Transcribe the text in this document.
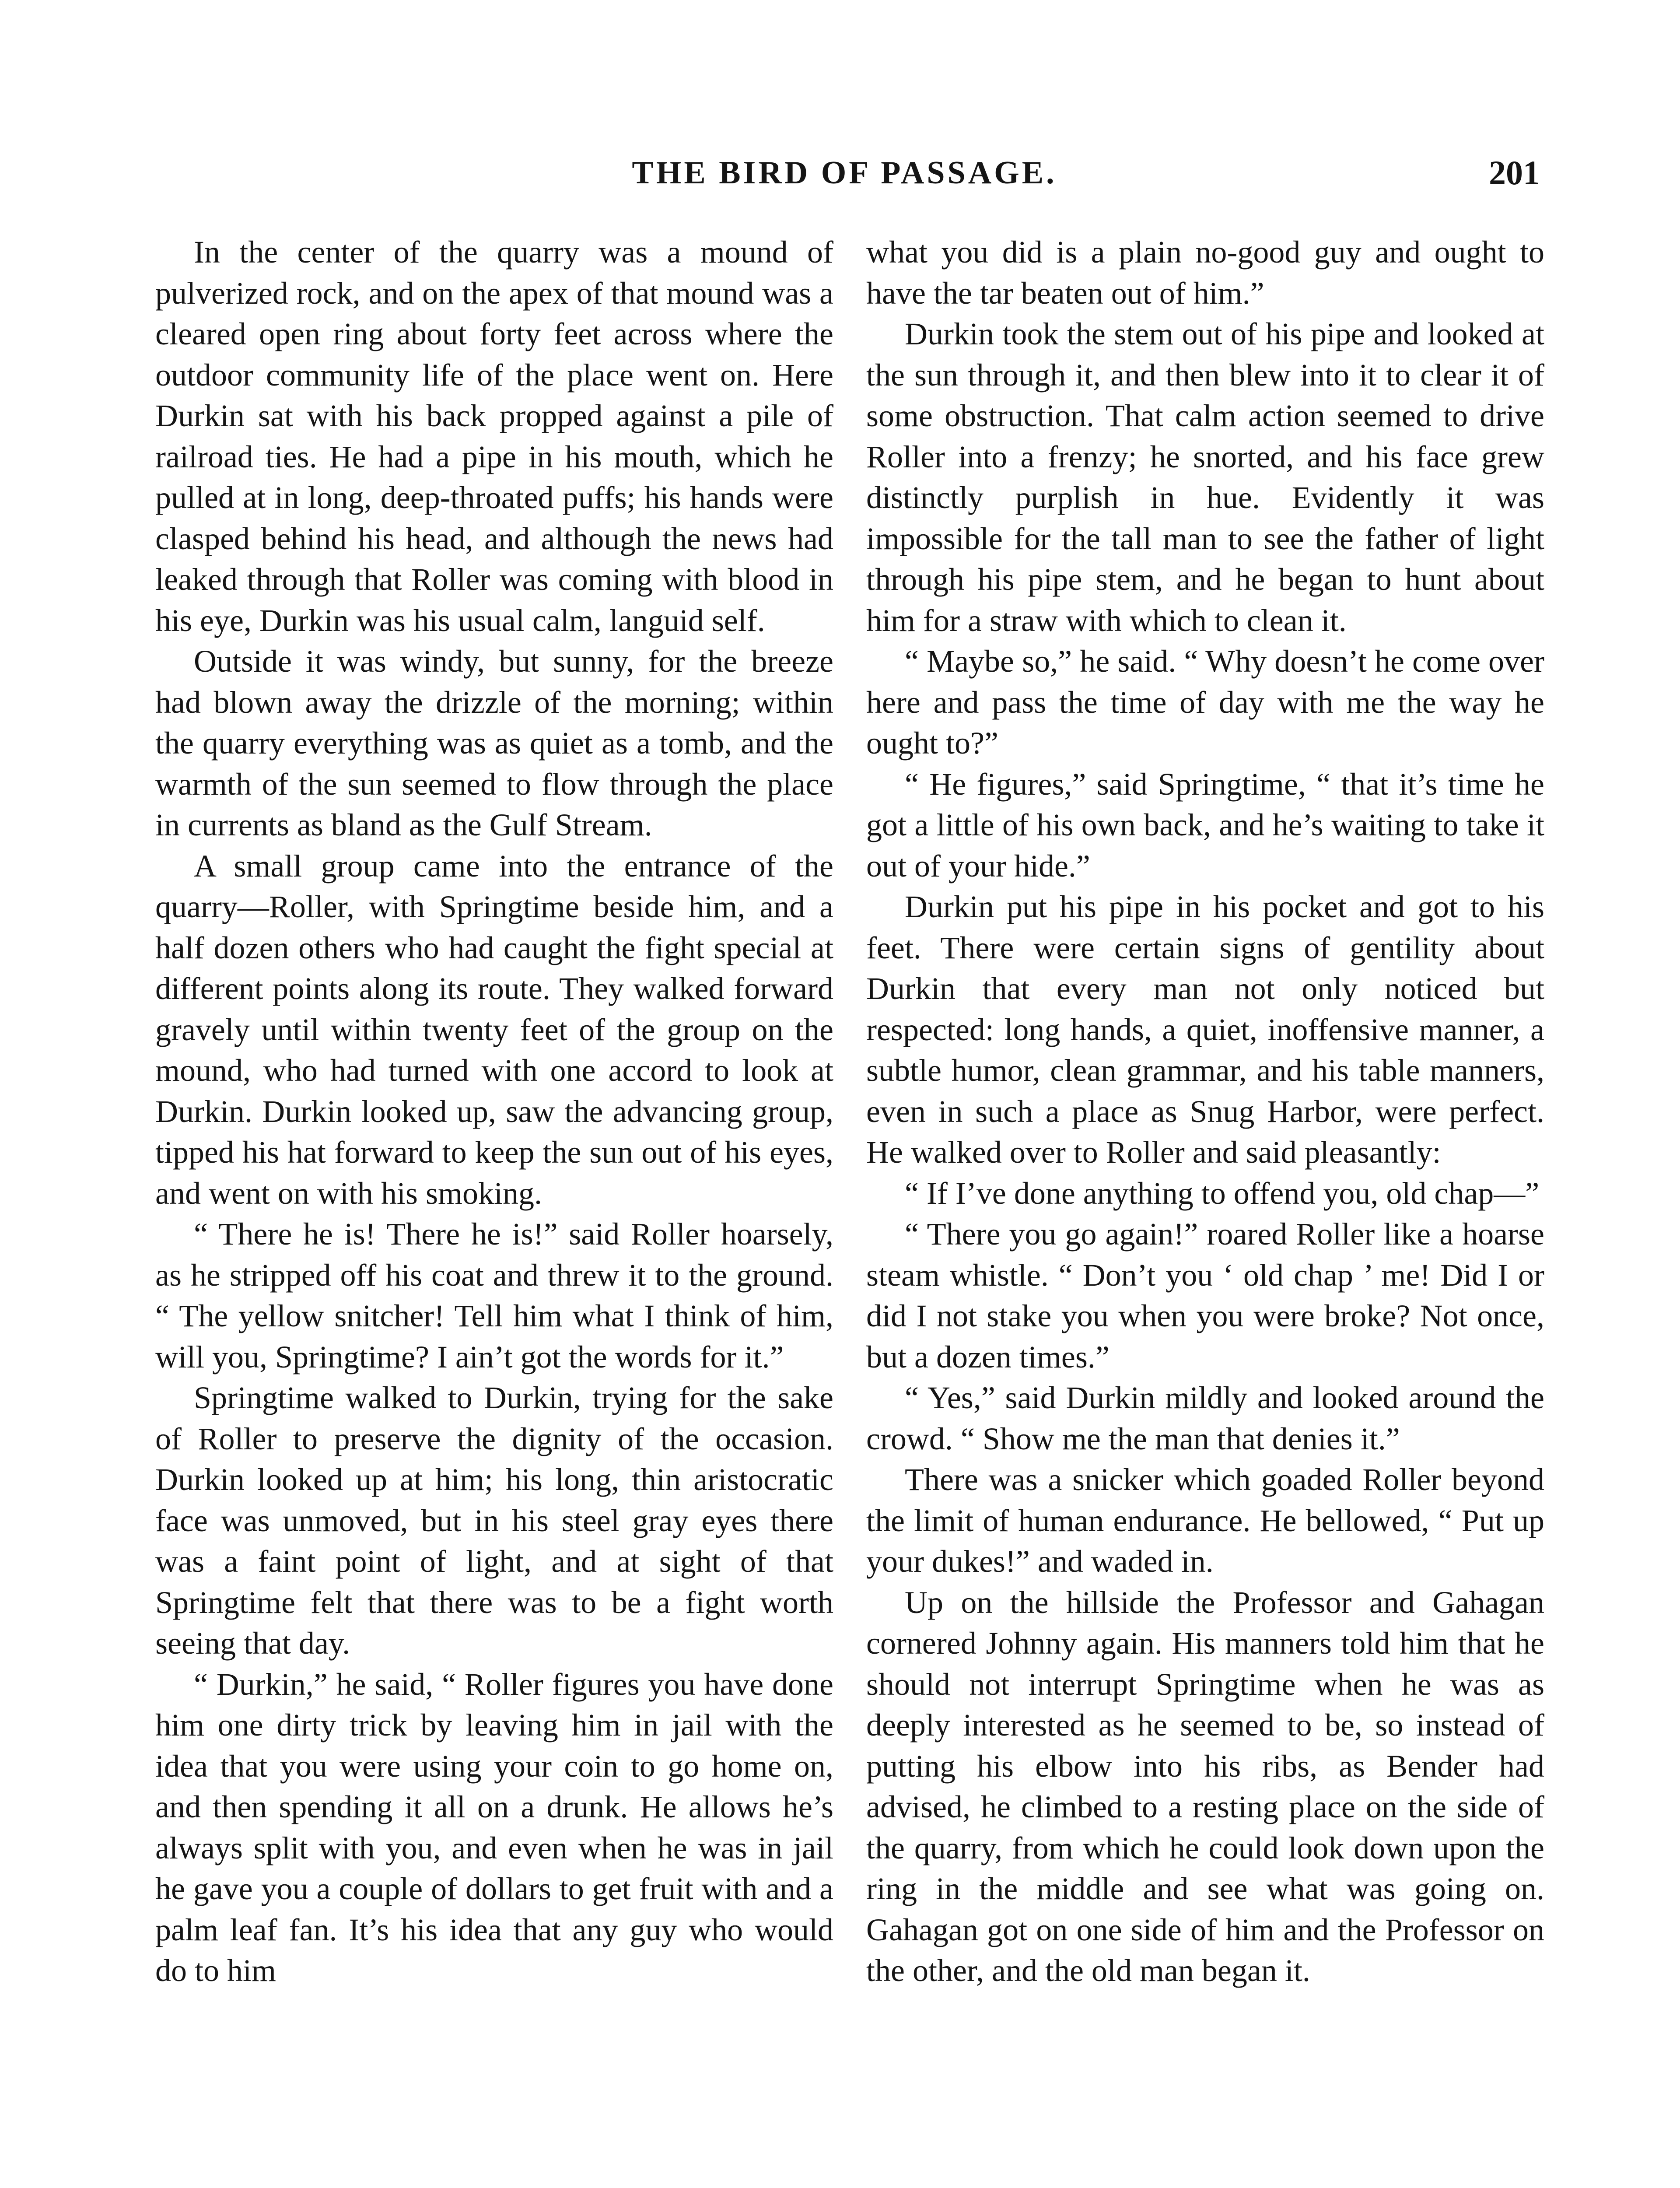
THE BIRD OF PASSAGE.	201

In the center of the quarry was a mound of pulverized rock, and on the apex of that mound was a cleared open ring about forty feet across where the outdoor community life of the place went on. Here Durkin sat with his back propped against a pile of railroad ties. He had a pipe in his mouth, which he pulled at in long, deep-throated puffs; his hands were clasped behind his head, and although the news had leaked through that Roller was coming with blood in his eye, Durkin was his usual calm, languid self.

Outside it was windy, but sunny, for the breeze had blown away the drizzle of the morning; within the quarry everything was as quiet as a tomb, and the warmth of the sun seemed to flow through the place in currents as bland as the Gulf Stream.

A small group came into the entrance of the quarry—Roller, with Springtime beside him, and a half dozen others who had caught the fight special at different points along its route. They walked forward gravely until within twenty feet of the group on the mound, who had turned with one accord to look at Durkin. Durkin looked up, saw the advancing group, tipped his hat forward to keep the sun out of his eyes, and went on with his smoking.

“ There he is! There he is!” said Roller hoarsely, as he stripped off his coat and threw it to the ground. “ The yellow snitcher! Tell him what I think of him, will you, Springtime? I ain’t got the words for it.”

Springtime walked to Durkin, trying for the sake of Roller to preserve the dignity of the occasion. Durkin looked up at him; his long, thin aristocratic face was unmoved, but in his steel gray eyes there was a faint point of light, and at sight of that Springtime felt that there was to be a fight worth seeing that day.

“ Durkin,” he said, “ Roller figures you have done him one dirty trick by leaving him in jail with the idea that you were using your coin to go home on, and then spending it all on a drunk. He allows he’s always split with you, and even when he was in jail he gave you a couple of dollars to get fruit with and a palm leaf fan. It’s his idea that any guy who would do to him

what you did is a plain no-good guy and ought to have the tar beaten out of him.”

Durkin took the stem out of his pipe and looked at the sun through it, and then blew into it to clear it of some obstruction. That calm action seemed to drive Roller into a frenzy; he snorted, and his face grew distinctly purplish in hue. Evidently it was impossible for the tall man to see the father of light through his pipe stem, and he began to hunt about him for a straw with which to clean it.

“ Maybe so,” he said. “ Why doesn’t he come over here and pass the time of day with me the way he ought to?”

“ He figures,” said Springtime, “ that it’s time he got a little of his own back, and he’s waiting to take it out of your hide.”

Durkin put his pipe in his pocket and got to his feet. There were certain signs of gentility about Durkin that every man not only noticed but respected: long hands, a quiet, inoffensive manner, a subtle humor, clean grammar, and his table manners, even in such a place as Snug Harbor, were perfect. He walked over to Roller and said pleasantly:

“ If I’ve done anything to offend you, old chap—”

“ There you go again!” roared Roller like a hoarse steam whistle. “ Don’t you ‘ old chap ’ me! Did I or did I not stake you when you were broke? Not once, but a dozen times.”

“ Yes,” said Durkin mildly and looked around the crowd. “ Show me the man that denies it.”

There was a snicker which goaded Roller beyond the limit of human endurance. He bellowed, “ Put up your dukes!” and waded in.

Up on the hillside the Professor and Gahagan cornered Johnny again. His manners told him that he should not interrupt Springtime when he was as deeply interested as he seemed to be, so instead of putting his elbow into his ribs, as Bender had advised, he climbed to a resting place on the side of the quarry, from which he could look down upon the ring in the middle and see what was going on. Gahagan got on one side of him and the Professor on the other, and the old man began it.
